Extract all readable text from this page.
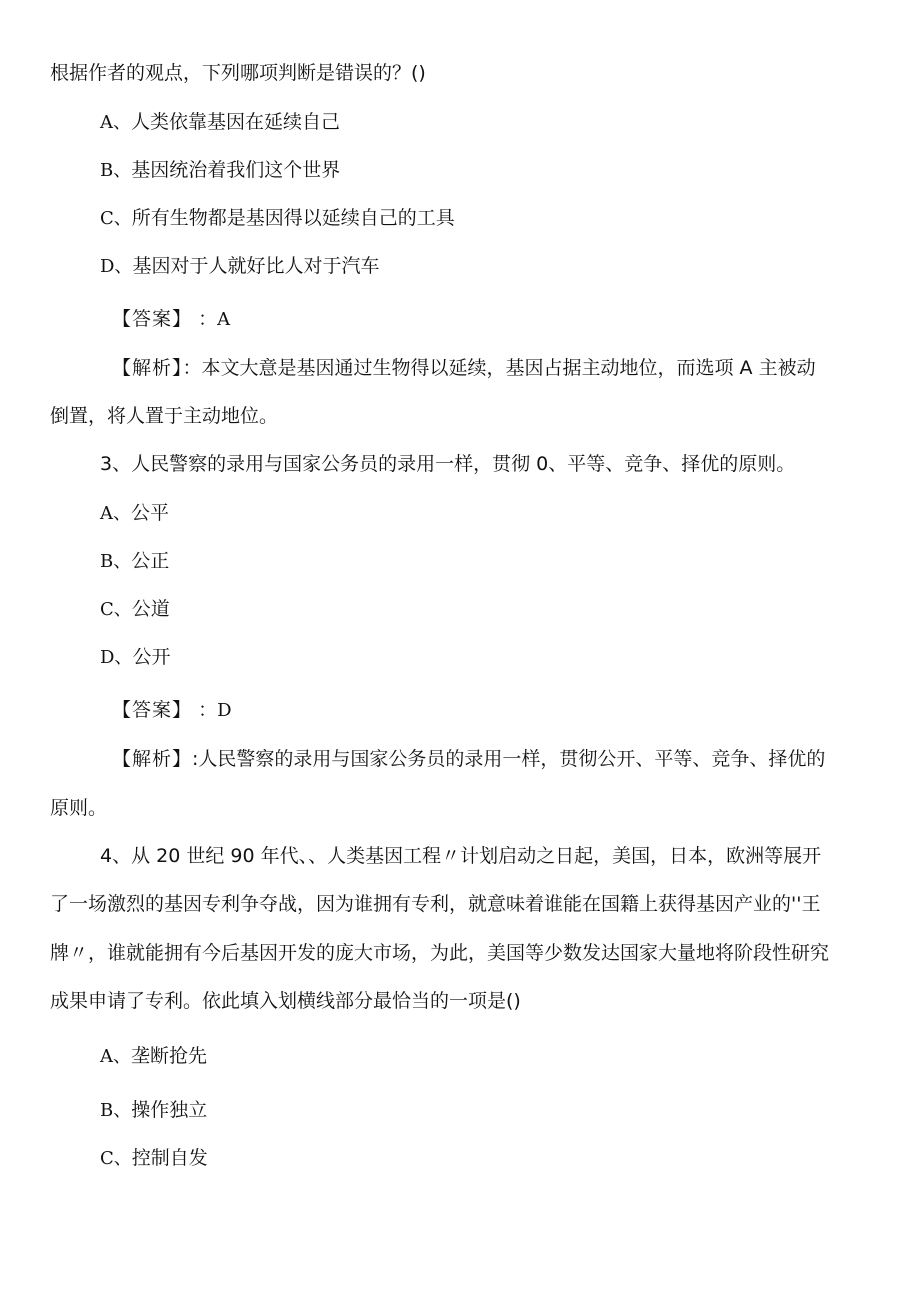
根据作者的观点，下列哪项判断是错误的？()
A、人类依靠基因在延续自己
B、基因统治着我们这个世界
C、所有生物都是基因得以延续自己的工具
D、基因对于人就好比人对于汽车
【答案】 ：A
【解析】：本文大意是基因通过生物得以延续，基因占据主动地位，而选项 A 主被动
倒置，将人置于主动地位。
3、人民警察的录用与国家公务员的录用一样，贯彻 0、平等、竞争、择优的原则。
A、公平
B、公正
C、公道
D、公开
【答案】 ：D
【解析】:人民警察的录用与国家公务员的录用一样，贯彻公开、平等、竞争、择优的
原则。
4、从 20 世纪 90 年代、、人类基因工程〃计划启动之日起，美国，日本，欧洲等展开
了一场激烈的基因专利争夺战，因为谁拥有专利，就意味着谁能在国籍上获得基因产业的''王
牌〃，谁就能拥有今后基因开发的庞大市场，为此，美国等少数发达国家大量地将阶段性研究
成果申请了专利。依此填入划横线部分最恰当的一项是()
A、垄断抢先
B、操作独立
C、控制自发
